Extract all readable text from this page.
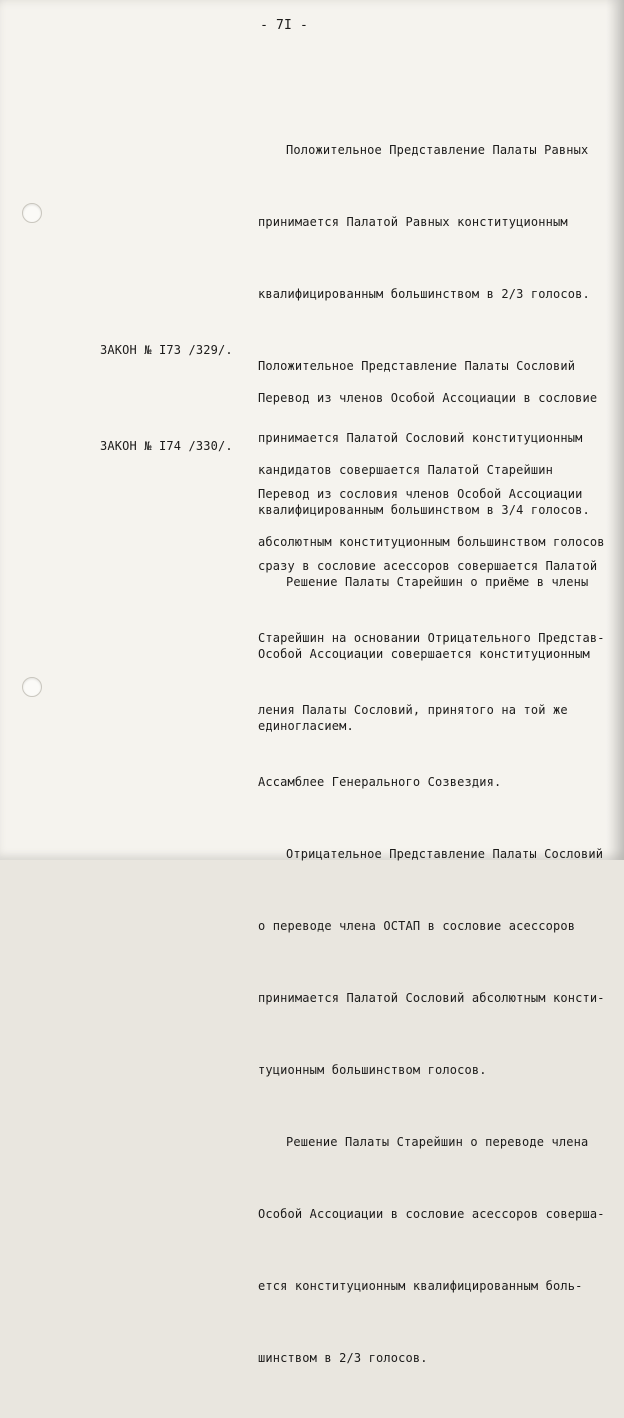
- 7I -

Положительное Представление Палаты Равных

принимается Палатой Равных конституционным

квалифицированным большинством в 2/3 голосов.

Положительное Представление Палаты Сословий

принимается Палатой Сословий конституционным

квалифицированным большинством в 3/4 голосов.

Решение Палаты Старейшин о приёме в члены

Особой Ассоциации совершается конституционным

единогласием.

ЗАКОН № I73 /329/.

Перевод из членов Особой Ассоциации в сословие

кандидатов совершается Палатой Старейшин

абсолютным конституционным большинством голосов

ЗАКОН № I74 /330/.

Перевод из сословия членов Особой Ассоциации

сразу в сословие асессоров совершается Палатой

Старейшин на основании Отрицательного Представ-

ления Палаты Сословий, принятого на той же

Ассамблее Генерального Созвездия.

Отрицательное Представление Палаты Сословий

о переводе члена ОСТАП в сословие асессоров

принимается Палатой Сословий абсолютным консти-

туционным большинством голосов.

Решение Палаты Старейшин о переводе члена

Особой Ассоциации в сословие асессоров соверша-

ется конституционным квалифицированным боль-

шинством в 2/3 голосов.
